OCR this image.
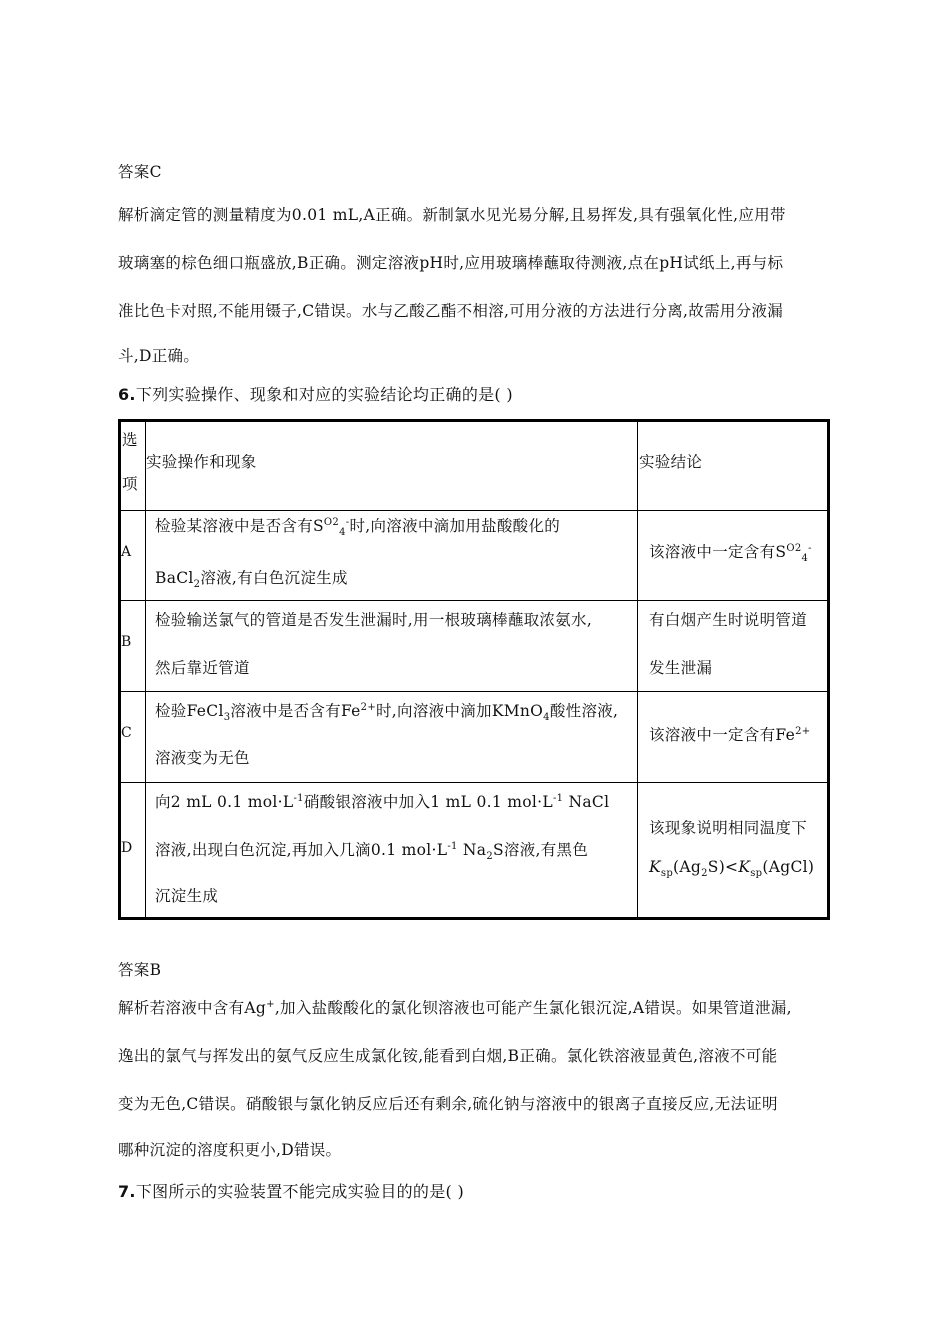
答案C
解析滴定管的测量精度为0.01 mL,A正确。新制氯水见光易分解,且易挥发,具有强氧化性,应用带
玻璃塞的棕色细口瓶盛放,B正确。测定溶液pH时,应用玻璃棒蘸取待测液,点在pH试纸上,再与标
准比色卡对照,不能用镊子,C错误。水与乙酸乙酯不相溶,可用分液的方法进行分离,故需用分液漏
斗,D正确。
6.下列实验操作、现象和对应的实验结论均正确的是( )
选
项
实验操作和现象	实验结论
A
检验某溶液中是否含有$S^{O2}_4^-$时,向溶液中滴加用盐酸酸化的
BaCl$_2$溶液,有白色沉淀生成
该溶液中一定含有$S^{O2}_4^-$
B
检验输送氯气的管道是否发生泄漏时,用一根玻璃棒蘸取浓氨水,
然后靠近管道
有白烟产生时说明管道
发生泄漏
C
检验FeCl$_3$溶液中是否含有$Fe^{2+}$时,向溶液中滴加KMnO$_4$酸性溶液,
溶液变为无色
该溶液中一定含有$Fe^{2+}$
D
向2 mL 0.1 $mol\cdot L^{-1}$硝酸银溶液中加入1 mL 0.1 $mol\cdot L^{-1}$ NaCl
溶液,出现白色沉淀,再加入几滴0.1 $mol\cdot L^{-1}$ $Na_2S$溶液,有黑色
沉淀生成
该现象说明相同温度下
$K_{sp}(Ag_2S)<K_{sp}(AgCl)$
答案B
解析若溶液中含有Ag+,加入盐酸酸化的氯化钡溶液也可能产生氯化银沉淀,A错误。如果管道泄漏,
逸出的氯气与挥发出的氨气反应生成氯化铵,能看到白烟,B正确。氯化铁溶液显黄色,溶液不可能
变为无色,C错误。硝酸银与氯化钠反应后还有剩余,硫化钠与溶液中的银离子直接反应,无法证明
哪种沉淀的溶度积更小,D错误。
7.下图所示的实验装置不能完成实验目的的是( )
